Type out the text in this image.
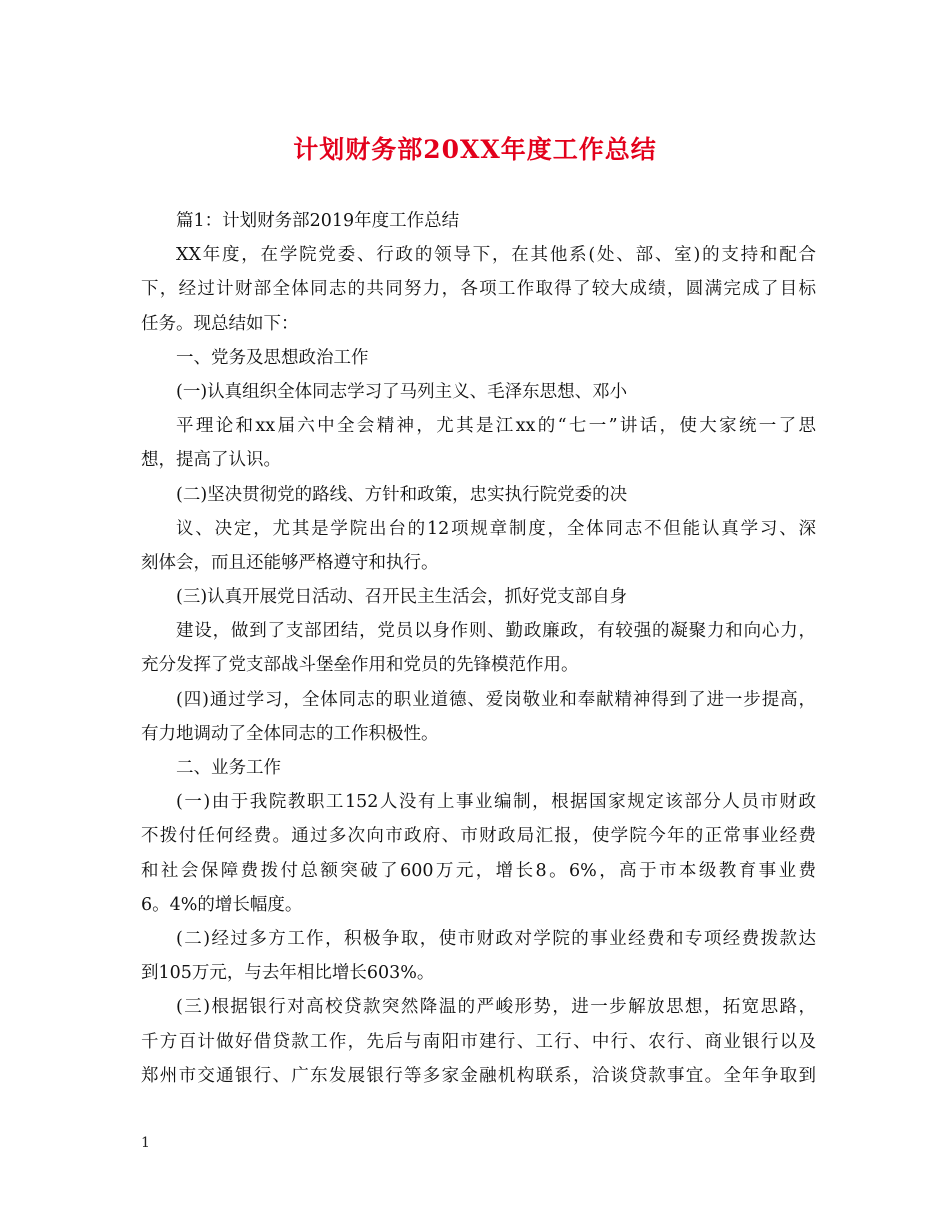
计划财务部20XX年度工作总结
篇1：计划财务部2019年度工作总结
XX年度，在学院党委、行政的领导下，在其他系(处、部、室)的支持和配合
下，经过计财部全体同志的共同努力，各项工作取得了较大成绩，圆满完成了目标
任务。现总结如下：
一、党务及思想政治工作
(一)认真组织全体同志学习了马列主义、毛泽东思想、邓小
平理论和xx届六中全会精神，尤其是江xx的“七一”讲话，使大家统一了思
想，提高了认识。
(二)坚决贯彻党的路线、方针和政策，忠实执行院党委的决
议、决定，尤其是学院出台的12项规章制度，全体同志不但能认真学习、深
刻体会，而且还能够严格遵守和执行。
(三)认真开展党日活动、召开民主生活会，抓好党支部自身
建设，做到了支部团结，党员以身作则、勤政廉政，有较强的凝聚力和向心力，
充分发挥了党支部战斗堡垒作用和党员的先锋模范作用。
(四)通过学习，全体同志的职业道德、爱岗敬业和奉献精神得到了进一步提高，
有力地调动了全体同志的工作积极性。
二、业务工作
(一)由于我院教职工152人没有上事业编制，根据国家规定该部分人员市财政
不拨付任何经费。通过多次向市政府、市财政局汇报，使学院今年的正常事业经费
和社会保障费拨付总额突破了600万元，增长8。6%，高于市本级教育事业费
6。4%的增长幅度。
(二)经过多方工作，积极争取，使市财政对学院的事业经费和专项经费拨款达
到105万元，与去年相比增长603%。
(三)根据银行对高校贷款突然降温的严峻形势，进一步解放思想，拓宽思路，
千方百计做好借贷款工作，先后与南阳市建行、工行、中行、农行、商业银行以及
郑州市交通银行、广东发展银行等多家金融机构联系，洽谈贷款事宜。全年争取到
1
